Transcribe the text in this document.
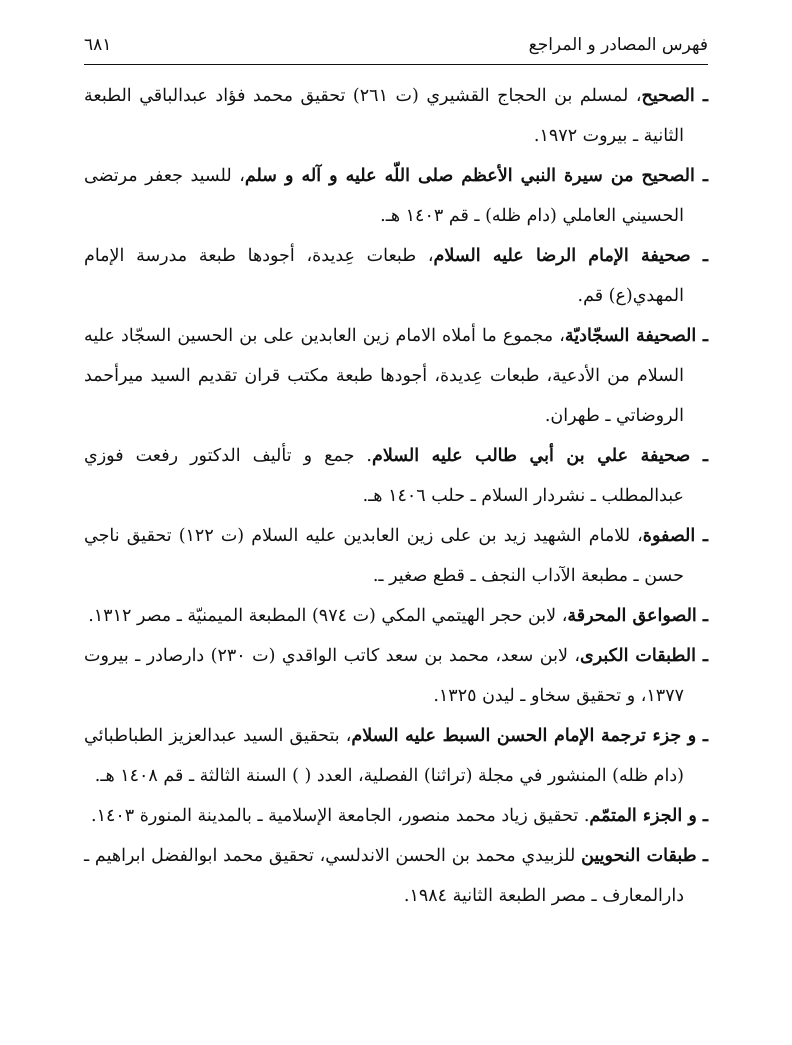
فهرس المصادر و المراجع
٦٨١

ـ الصحيح، لمسلم بن الحجاج القشيري (ت ٢٦١) تحقيق محمد فؤاد عبدالباقي الطبعة الثانية ـ بيروت ١٩٧٢.

ـ الصحيح من سيرة النبي الأعظم صلى اللّه عليه و آله و سلم، للسيد جعفر مرتضى الحسيني العاملي (دام ظله) ـ قم ١٤٠٣ هـ.

ـ صحيفة الإمام الرضا عليه السلام، طبعات عِديدة، أجودها طبعة مدرسة الإمام المهدي(ع) قم.

ـ الصحيفة السجّاديّة، مجموع ما أملاه الامام زين العابدين على بن الحسين السجّاد عليه السلام من الأدعية، طبعات عِديدة، أجودها طبعة مكتب قران تقديم السيد ميرأحمد الروضاتي ـ طهران.

ـ صحيفة علي بن أبي طالب عليه السلام. جمع و تأليف الدكتور رفعت فوزي عبدالمطلب ـ نشردار السلام ـ حلب ١٤٠٦ هـ.

ـ الصفوة، للامام الشهيد زيد بن على زين العابدين عليه السلام (ت ١٢٢) تحقيق ناجي حسن ـ مطبعة الآداب النجف ـ قطع صغير ـ.

ـ الصواعق المحرقة، لابن حجر الهيتمي المكي (ت ٩٧٤) المطبعة الميمنيّة ـ مصر ١٣١٢.

ـ الطبقات الكبرى، لابن سعد، محمد بن سعد كاتب الواقدي (ت ٢٣٠) دارصادر ـ بيروت ١٣٧٧، و تحقيق سخاو ـ ليدن ١٣٢٥.

ـ و جزء ترجمة الإمام الحسن السبط عليه السلام، بتحقيق السيد عبدالعزيز الطباطبائي (دام ظله) المنشور في مجلة (تراثنا) الفصلية، العدد ( ) السنة الثالثة ـ قم ١٤٠٨ هـ.

ـ و الجزء المتمّم. تحقيق زياد محمد منصور، الجامعة الإسلامية ـ بالمدينة المنورة ١٤٠٣.

ـ طبقات النحويين للزبيدي محمد بن الحسن الاندلسي، تحقيق محمد ابوالفضل ابراهيم ـ دارالمعارف ـ مصر الطبعة الثانية ١٩٨٤.
